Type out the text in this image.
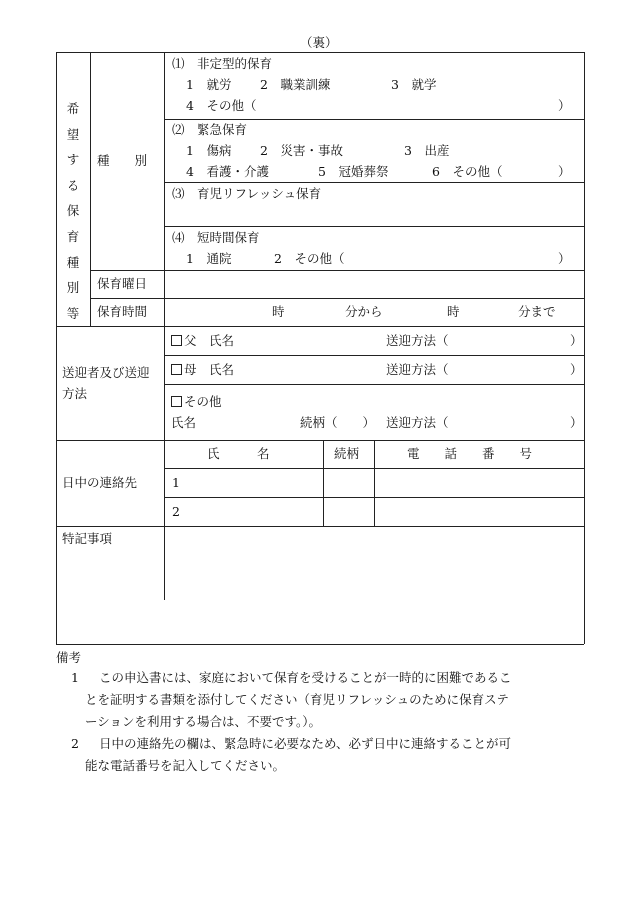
（裏）
希
望
す
る
保
育
種
別
等
種　　別
⑴　非定型的保育
1　就労 2　職業訓練	3　就学
4　その他（	）
⑵　緊急保育
1　傷病 2　災害・事故	3　出産
4　看護・介護	5　冠婚葬祭	6　その他（	）
⑶　育児リフレッシュ保育
⑷　短時間保育
1　通院	2　その他（	）
保育曜日
保育時間	時	分から	時	分まで
送迎者及び送迎
方法
父　氏名	送迎方法（	）
母　氏名	送迎方法（	）
その他
氏名	続柄（　　） 送迎方法（	）
日中の連絡先
氏　　　名	続柄	電　　話　　番　　号
1
2
特記事項
備考
1 この申込書には、家庭において保育を受けることが一時的に困難であるこ
とを証明する書類を添付してください（育児リフレッシュのために保育ステ
ーションを利用する場合は、不要です。）。
2 日中の連絡先の欄は、緊急時に必要なため、必ず日中に連絡することが可
能な電話番号を記入してください。
